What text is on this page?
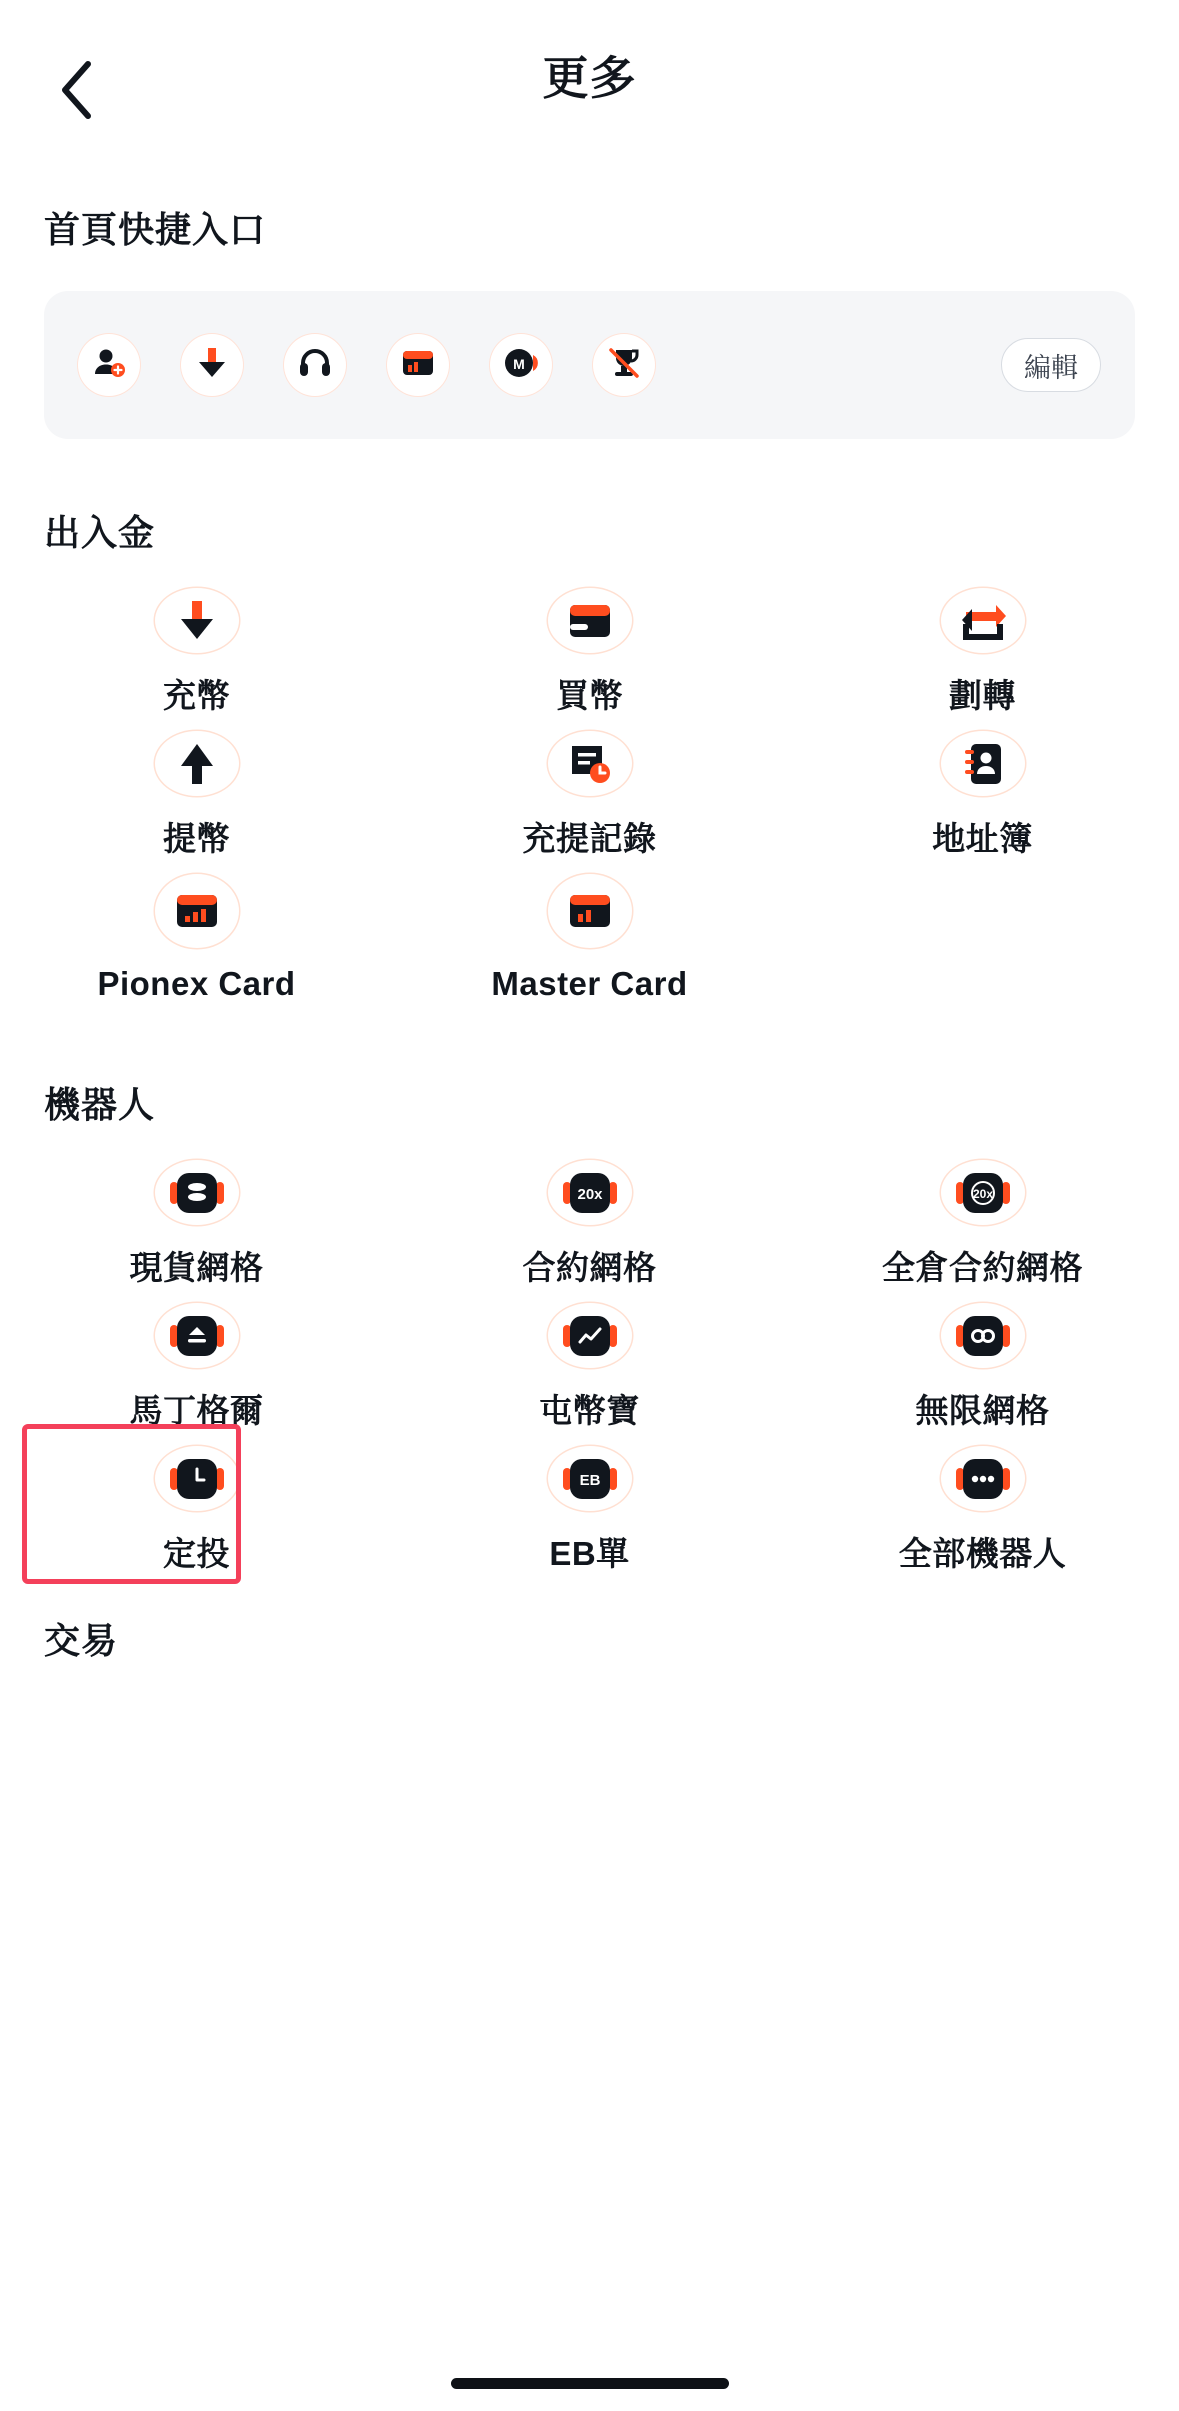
更多
首頁快捷入口
M	編輯
出入金
充幣	買幣	劃轉
提幣	充提記錄	地址簿
Pionex Card	Master Card
機器人
現貨網格
20x
合約網格
20x
全倉合約網格
馬丁格爾	屯幣寶	無限網格
定投
EB
EB單	全部機器人
交易
